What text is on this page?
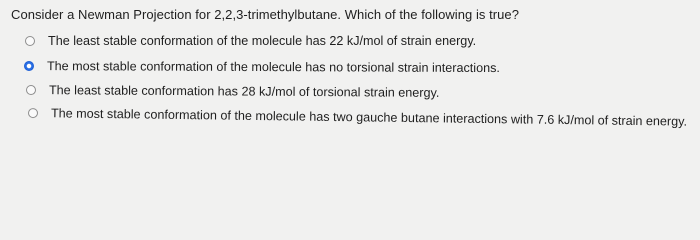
Consider a Newman Projection for 2,2,3-trimethylbutane. Which of the following is true?
The least stable conformation of the molecule has 22 kJ/mol of strain energy.
The most stable conformation of the molecule has no torsional strain interactions.
The least stable conformation has 28 kJ/mol of torsional strain energy.
The most stable conformation of the molecule has two gauche butane interactions with 7.6 kJ/mol of strain energy.
